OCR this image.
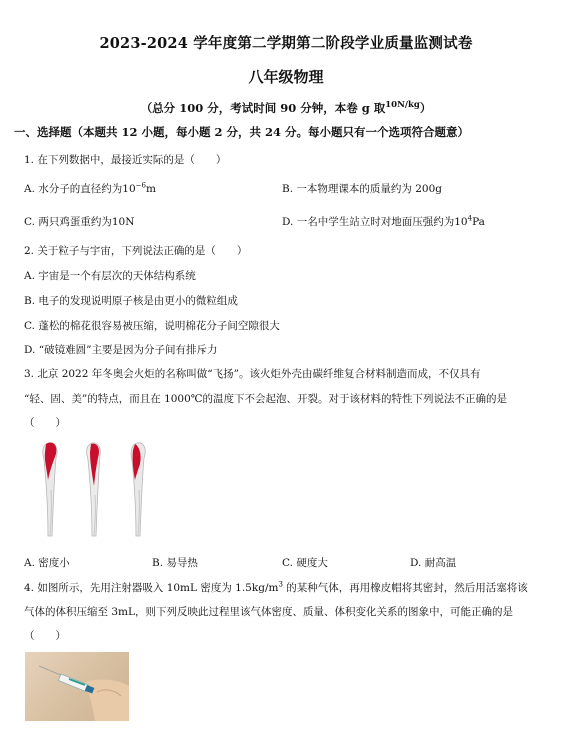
2023-2024 学年度第二学期第二阶段学业质量监测试卷
八年级物理
（总分 100 分，考试时间 90 分钟，本卷 g 取$^{10N/kg}$）
一、选择题（本题共 12 小题，每小题 2 分，共 24 分。每小题只有一个选项符合题意）
1. 在下列数据中，最接近实际的是（　　）
A. 水分子的直径约为$10^{-6}m$	B. 一本物理课本的质量约为 200g
C. 两只鸡蛋重约为10N	D. 一名中学生站立时对地面压强约为$10^4Pa$
2. 关于粒子与宇宙，下列说法正确的是（　　）
A. 宇宙是一个有层次的天体结构系统
B. 电子的发现说明原子核是由更小的微粒组成
C. 蓬松的棉花很容易被压缩，说明棉花分子间空隙很大
D. “破镜难圆”主要是因为分子间有排斥力
3. 北京 2022 年冬奥会火炬的名称叫做“飞扬”。该火炬外壳由碳纤维复合材料制造而成，不仅具有
“轻、固、美”的特点，而且在 1000℃的温度下不会起泡、开裂。对于该材料的特性下列说法不正确的是
（　　）
A. 密度小	B. 易导热	C. 硬度大	D. 耐高温
4. 如图所示，先用注射器吸入 10mL 密度为 $1.5kg/m^3$ 的某种气体，再用橡皮帽将其密封，然后用活塞将该
气体的体积压缩至 3mL，则下列反映此过程里该气体密度、质量、体积变化关系的图象中，可能正确的是
（　　）
